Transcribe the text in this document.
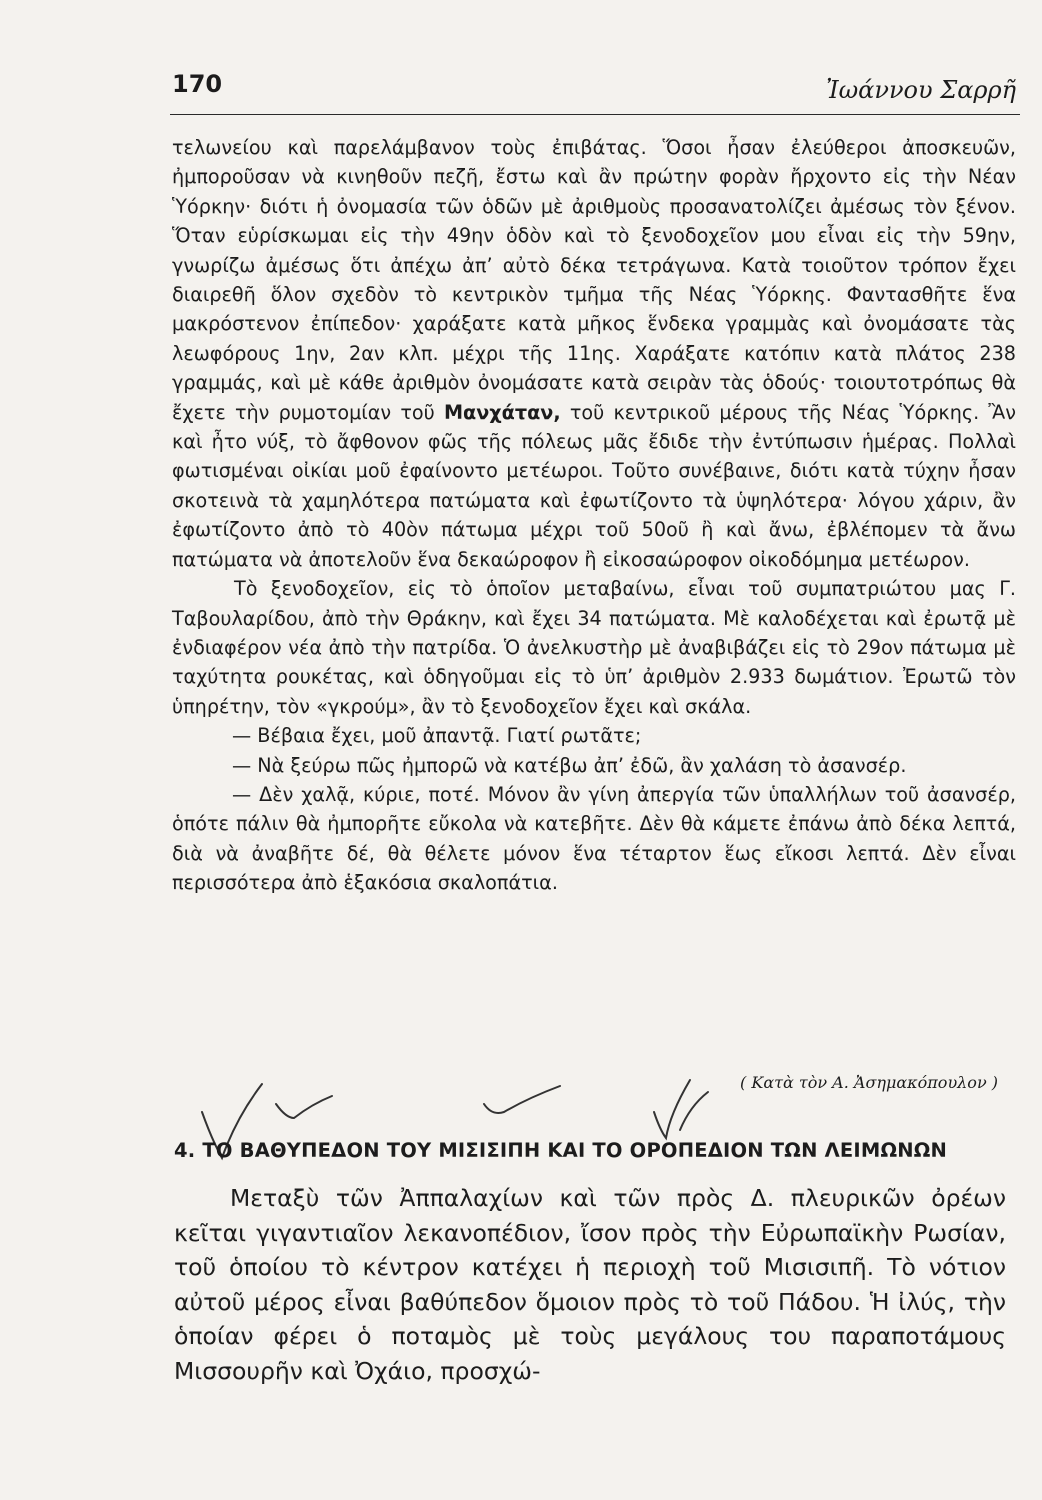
170	Ἰωάννου Σαρρῆ

τελωνείου καὶ παρελάμβανον τοὺς ἐπιβάτας. Ὅσοι ἦσαν ἐλεύθεροι ἀποσκευῶν, ἠμποροῦσαν νὰ κινηθοῦν πεζῆ, ἔστω καὶ ἂν πρώτην φορὰν ἤρχοντο εἰς τὴν Νέαν Ὑόρκην· διότι ἡ ὀνομασία τῶν ὁδῶν μὲ ἀριθμοὺς προσανατολίζει ἀμέσως τὸν ξένον. Ὅταν εὑρίσκωμαι εἰς τὴν 49ην ὁδὸν καὶ τὸ ξενοδοχεῖον μου εἶναι εἰς τὴν 59ην, γνωρίζω ἀμέσως ὅτι ἀπέχω ἀπ’ αὐτὸ δέκα τετράγωνα. Κατὰ τοιοῦτον τρόπον ἔχει διαιρεθῆ ὅλον σχεδὸν τὸ κεντρικὸν τμῆμα τῆς Νέας Ὑόρκης. Φαντασθῆτε ἕνα μακρόστενον ἐπίπεδον· χαράξατε κατὰ μῆκος ἕνδεκα γραμμὰς καὶ ὀνομάσατε τὰς λεωφόρους 1ην, 2αν κλπ. μέχρι τῆς 11ης. Χαράξατε κατόπιν κατὰ πλάτος 238 γραμμάς, καὶ μὲ κάθε ἀριθμὸν ὀνομάσατε κατὰ σειρὰν τὰς ὁδούς· τοιουτοτρόπως θὰ ἔχετε τὴν ρυμοτομίαν τοῦ Μανχάταν, τοῦ κεντρικοῦ μέρους τῆς Νέας Ὑόρκης. Ἂν καὶ ἦτο νύξ, τὸ ἄφθονον φῶς τῆς πόλεως μᾶς ἔδιδε τὴν ἐντύπωσιν ἡμέρας. Πολλαὶ φωτισμέναι οἰκίαι μοῦ ἐφαίνοντο μετέωροι. Τοῦτο συνέβαινε, διότι κατὰ τύχην ἦσαν σκοτεινὰ τὰ χαμηλότερα πατώματα καὶ ἐφωτίζοντο τὰ ὑψηλότερα· λόγου χάριν, ἂν ἐφωτίζοντο ἀπὸ τὸ 40ὸν πάτωμα μέχρι τοῦ 50οῦ ἢ καὶ ἄνω, ἐβλέπομεν τὰ ἄνω πατώματα νὰ ἀποτελοῦν ἕνα δεκαώροφον ἢ εἰκοσαώροφον οἰκοδόμημα μετέωρον.

Τὸ ξενοδοχεῖον, εἰς τὸ ὁποῖον μεταβαίνω, εἶναι τοῦ συμπατριώτου μας Γ. Ταβουλαρίδου, ἀπὸ τὴν Θράκην, καὶ ἔχει 34 πατώματα. Μὲ καλοδέχεται καὶ ἐρωτᾷ μὲ ἐνδιαφέρον νέα ἀπὸ τὴν πατρίδα. Ὁ ἀνελκυστὴρ μὲ ἀναβιβάζει εἰς τὸ 29ον πάτωμα μὲ ταχύτητα ρουκέτας, καὶ ὁδηγοῦμαι εἰς τὸ ὑπ’ ἀριθμὸν 2.933 δωμάτιον. Ἐρωτῶ τὸν ὑπηρέτην, τὸν «γκρούμ», ἂν τὸ ξενοδοχεῖον ἔχει καὶ σκάλα.

— Βέβαια ἔχει, μοῦ ἀπαντᾷ. Γιατί ρωτᾶτε;

— Νὰ ξεύρω πῶς ἠμπορῶ νὰ κατέβω ἀπ’ ἐδῶ, ἂν χαλάση τὸ ἀσανσέρ.

— Δὲν χαλᾷ, κύριε, ποτέ. Μόνον ἂν γίνη ἀπεργία τῶν ὑπαλλήλων τοῦ ἀσανσέρ, ὁπότε πάλιν θὰ ἠμπορῆτε εὔκολα νὰ κατεβῆτε. Δὲν θὰ κάμετε ἐπάνω ἀπὸ δέκα λεπτά, διὰ νὰ ἀναβῆτε δέ, θὰ θέλετε μόνον ἕνα τέταρτον ἕως εἴκοσι λεπτά. Δὲν εἶναι περισσότερα ἀπὸ ἑξακόσια σκαλοπάτια.

( Κατὰ τὸν Α. Ἀσημακόπουλον )
4. ΤΟ ΒΑΘΥΠΕΔΟΝ ΤΟΥ ΜΙΣΙΣΙΠΗ ΚΑΙ ΤΟ ΟΡΟΠΕΔΙΟΝ ΤΩΝ ΛΕΙΜΩΝΩΝ

Μεταξὺ τῶν Ἀππαλαχίων καὶ τῶν πρὸς Δ. πλευρικῶν ὀρέων κεῖται γιγαντιαῖον λεκανοπέδιον, ἴσον πρὸς τὴν Εὐρωπαϊκὴν Ρωσίαν, τοῦ ὁποίου τὸ κέντρον κατέχει ἡ περιοχὴ τοῦ Μισισιπῆ. Τὸ νότιον αὐτοῦ μέρος εἶναι βαθύπεδον ὅμοιον πρὸς τὸ τοῦ Πάδου. Ἡ ἰλύς, τὴν ὁποίαν φέρει ὁ ποταμὸς μὲ τοὺς μεγάλους του παραποτάμους Μισσουρῆν καὶ Ὀχάιο, προσχώ-
